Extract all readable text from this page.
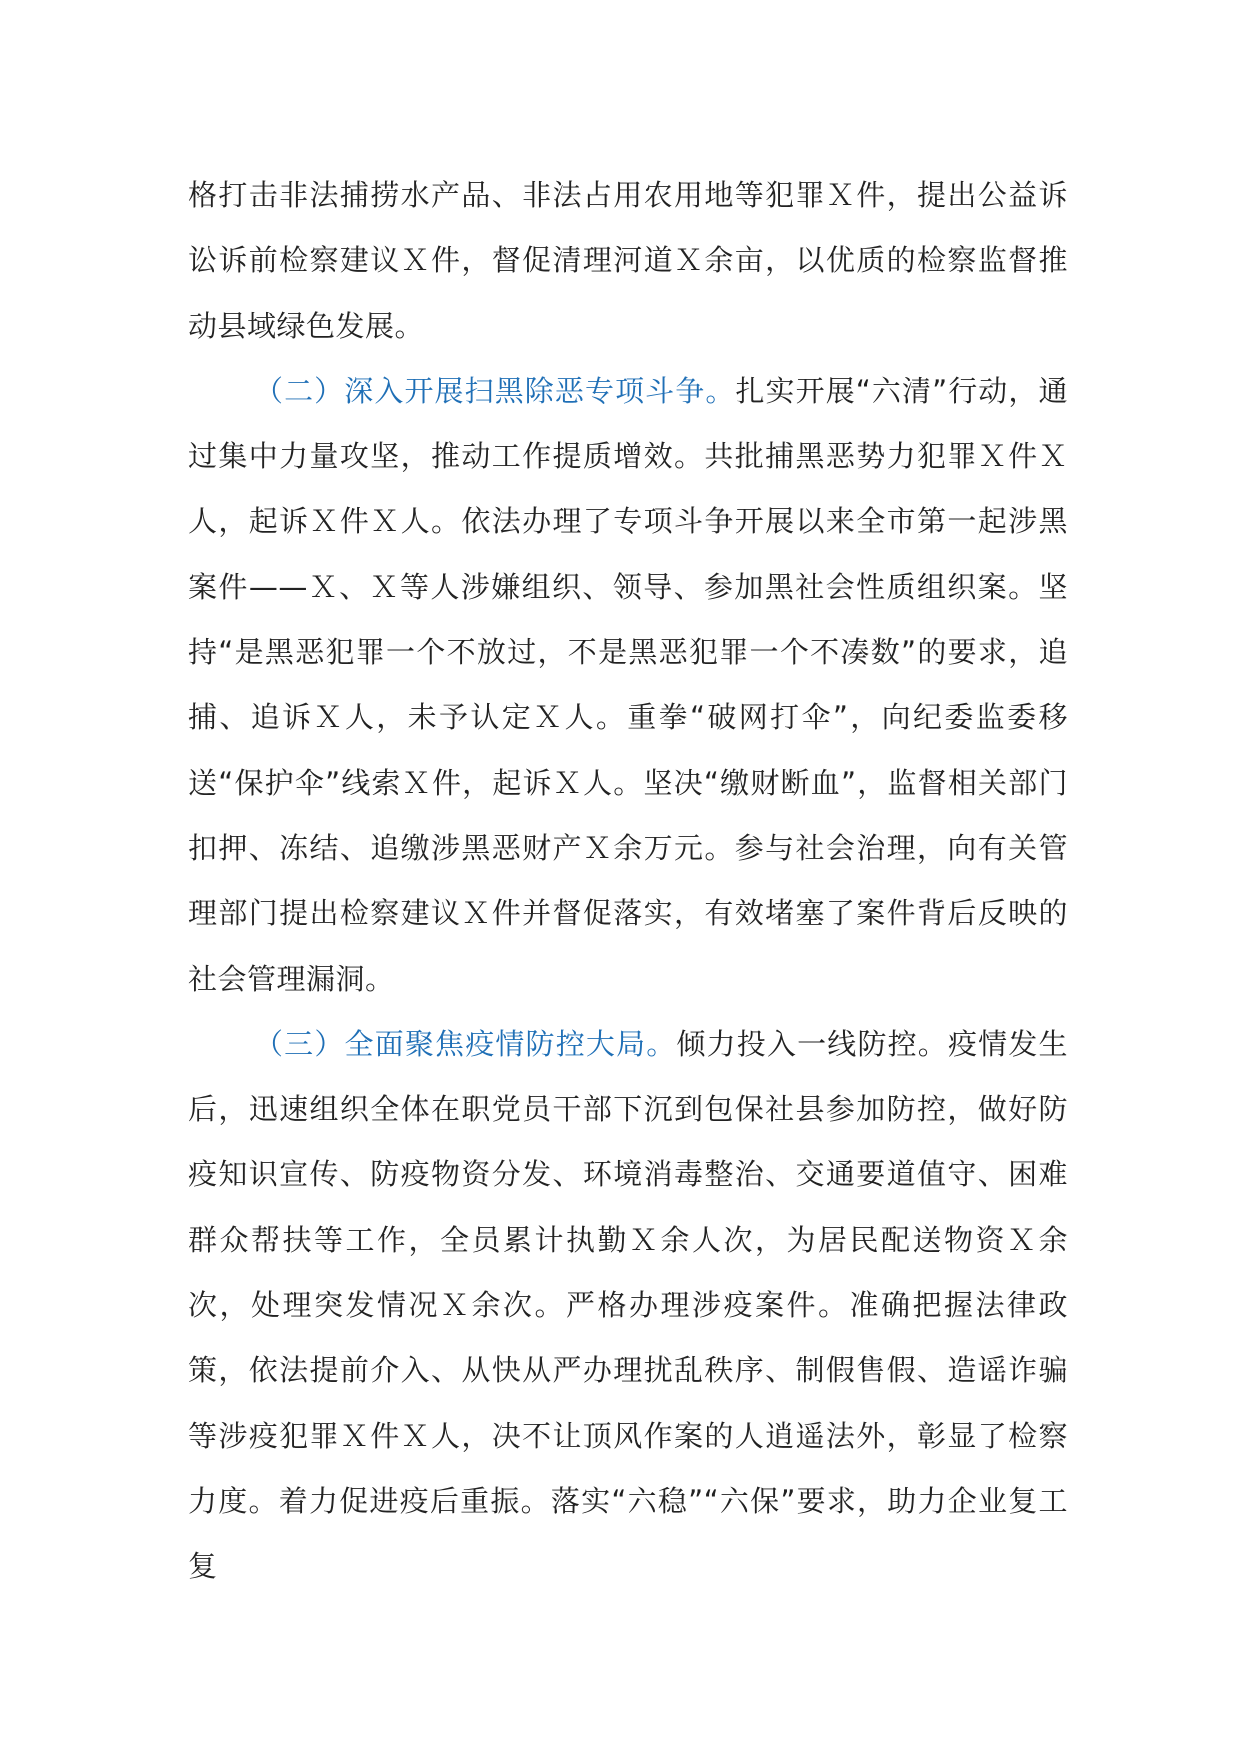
格打击非法捕捞水产品、非法占用农用地等犯罪Ｘ件，提出公益诉讼诉前检察建议Ｘ件，督促清理河道Ｘ余亩，以优质的检察监督推动县域绿色发展。

（二）深入开展扫黑除恶专项斗争。扎实开展“六清”行动，通过集中力量攻坚，推动工作提质增效。共批捕黑恶势力犯罪Ｘ件Ｘ人，起诉Ｘ件Ｘ人。依法办理了专项斗争开展以来全市第一起涉黑案件——Ｘ、Ｘ等人涉嫌组织、领导、参加黑社会性质组织案。坚持“是黑恶犯罪一个不放过，不是黑恶犯罪一个不凑数”的要求，追捕、追诉Ｘ人，未予认定Ｘ人。重拳“破网打伞”，向纪委监委移送“保护伞”线索Ｘ件，起诉Ｘ人。坚决“缴财断血”，监督相关部门扣押、冻结、追缴涉黑恶财产Ｘ余万元。参与社会治理，向有关管理部门提出检察建议Ｘ件并督促落实，有效堵塞了案件背后反映的社会管理漏洞。

（三）全面聚焦疫情防控大局。倾力投入一线防控。疫情发生后，迅速组织全体在职党员干部下沉到包保社县参加防控，做好防疫知识宣传、防疫物资分发、环境消毒整治、交通要道值守、困难群众帮扶等工作，全员累计执勤Ｘ余人次，为居民配送物资Ｘ余次，处理突发情况Ｘ余次。严格办理涉疫案件。准确把握法律政策，依法提前介入、从快从严办理扰乱秩序、制假售假、造谣诈骗等涉疫犯罪Ｘ件Ｘ人，决不让顶风作案的人逍遥法外，彰显了检察力度。着力促进疫后重振。落实“六稳”“六保”要求，助力企业复工复
